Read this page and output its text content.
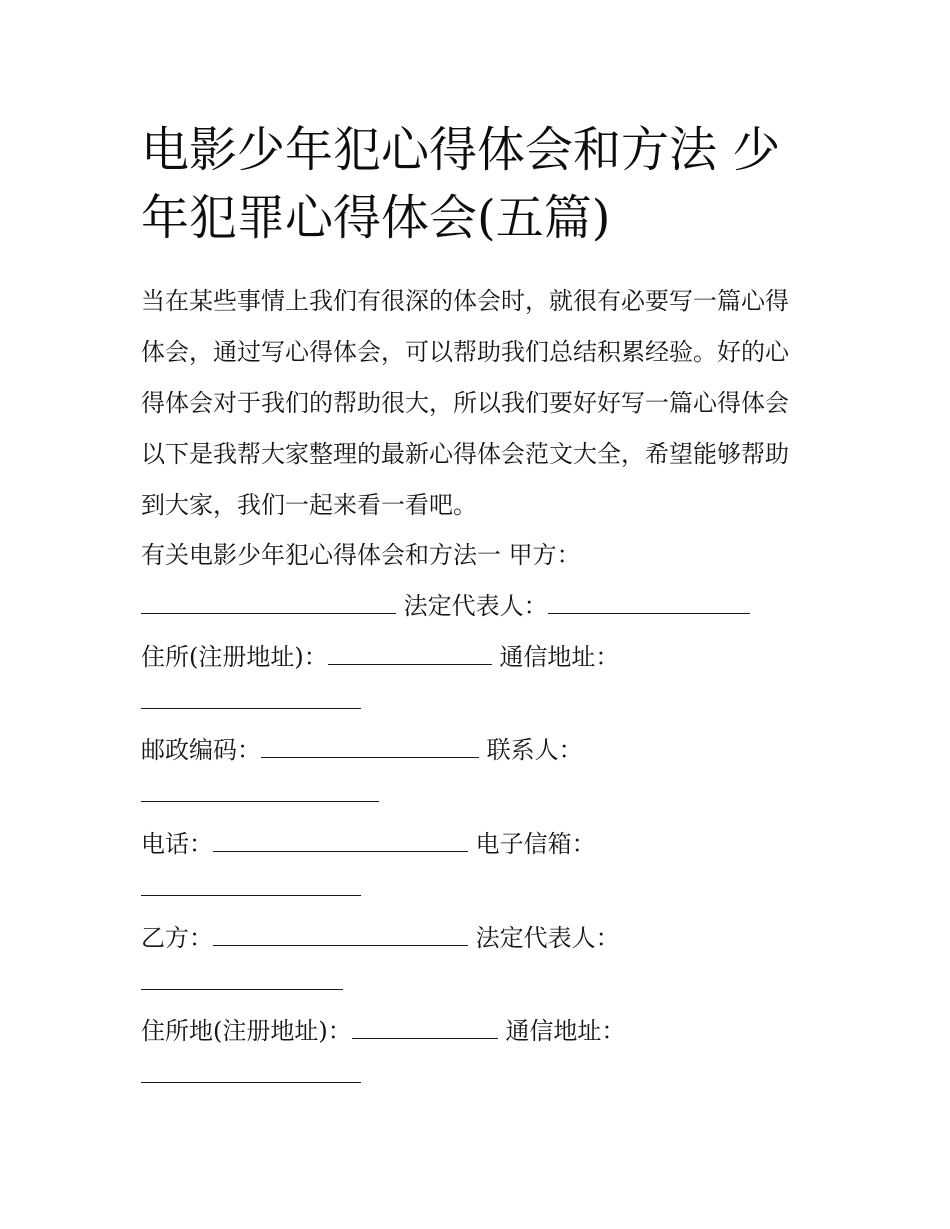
电影少年犯心得体会和方法 少
年犯罪心得体会(五篇)

当在某些事情上我们有很深的体会时，就很有必要写一篇心得

体会，通过写心得体会，可以帮助我们总结积累经验。好的心

得体会对于我们的帮助很大，所以我们要好好写一篇心得体会

以下是我帮大家整理的最新心得体会范文大全，希望能够帮助

到大家，我们一起来看一看吧。

有关电影少年犯心得体会和方法一 甲方：

法定代表人：

住所(注册地址)：	通信地址：

邮政编码：	联系人：

电话：	电子信箱：

乙方：	法定代表人：

住所地(注册地址)：	通信地址：
